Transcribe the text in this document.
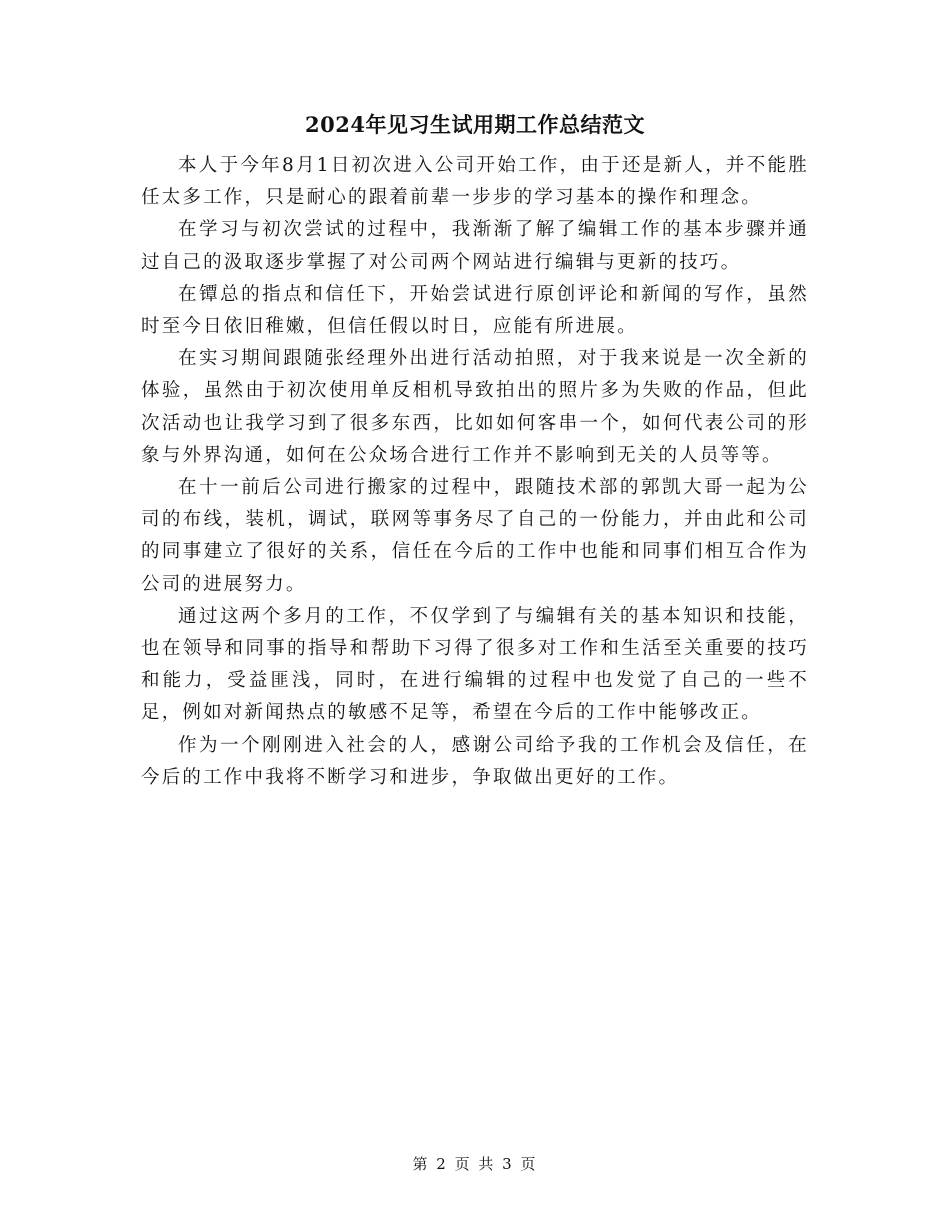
2024年见习生试用期工作总结范文

本人于今年8月1日初次进入公司开始工作，由于还是新人，并不能胜任太多工作，只是耐心的跟着前辈一步步的学习基本的操作和理念。

在学习与初次尝试的过程中，我渐渐了解了编辑工作的基本步骤并通过自己的汲取逐步掌握了对公司两个网站进行编辑与更新的技巧。

在镡总的指点和信任下，开始尝试进行原创评论和新闻的写作，虽然时至今日依旧稚嫩，但信任假以时日，应能有所进展。

在实习期间跟随张经理外出进行活动拍照，对于我来说是一次全新的体验，虽然由于初次使用单反相机导致拍出的照片多为失败的作品，但此次活动也让我学习到了很多东西，比如如何客串一个，如何代表公司的形象与外界沟通，如何在公众场合进行工作并不影响到无关的人员等等。

在十一前后公司进行搬家的过程中，跟随技术部的郭凯大哥一起为公司的布线，装机，调试，联网等事务尽了自己的一份能力，并由此和公司的同事建立了很好的关系，信任在今后的工作中也能和同事们相互合作为公司的进展努力。

通过这两个多月的工作，不仅学到了与编辑有关的基本知识和技能，也在领导和同事的指导和帮助下习得了很多对工作和生活至关重要的技巧和能力，受益匪浅，同时，在进行编辑的过程中也发觉了自己的一些不足，例如对新闻热点的敏感不足等，希望在今后的工作中能够改正。

作为一个刚刚进入社会的人，感谢公司给予我的工作机会及信任，在今后的工作中我将不断学习和进步，争取做出更好的工作。

第 2 页 共 3 页
